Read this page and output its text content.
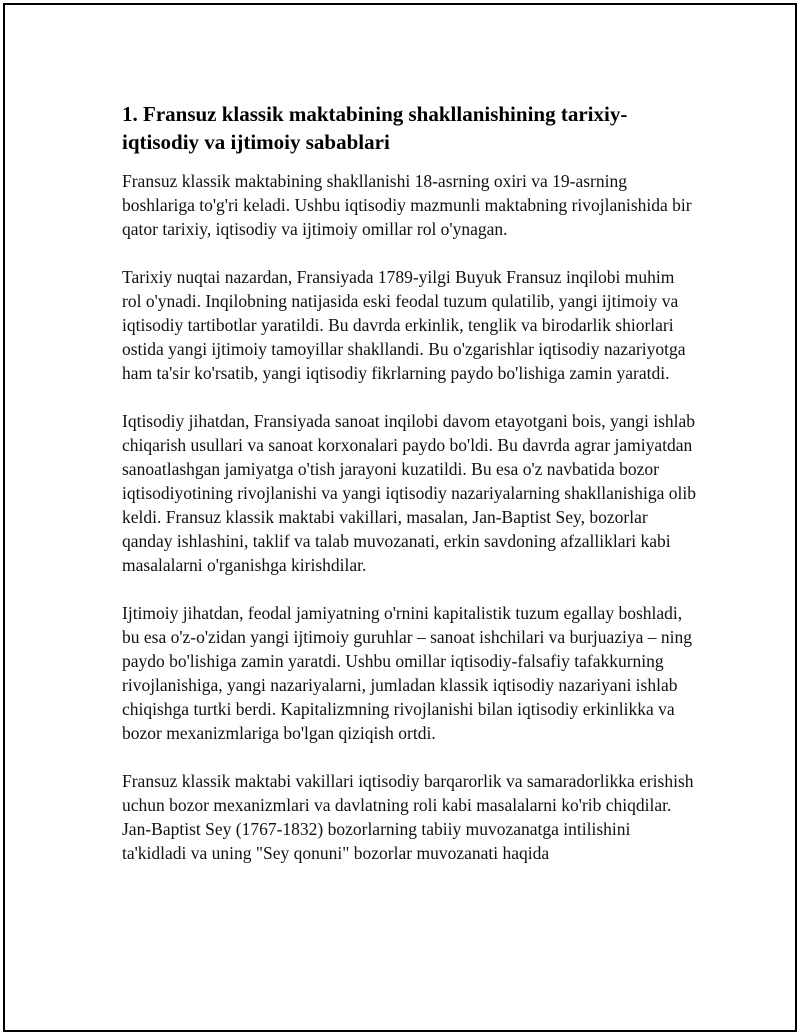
1. Fransuz klassik maktabining shakllanishining tarixiy-iqtisodiy va ijtimoiy sabablari

Fransuz klassik maktabining shakllanishi 18-asrning oxiri va 19-asrning boshlariga to'g'ri keladi. Ushbu iqtisodiy mazmunli maktabning rivojlanishida bir qator tarixiy, iqtisodiy va ijtimoiy omillar rol o'ynagan.

Tarixiy nuqtai nazardan, Fransiyada 1789-yilgi Buyuk Fransuz inqilobi muhim rol o'ynadi. Inqilobning natijasida eski feodal tuzum qulatilib, yangi ijtimoiy va iqtisodiy tartibotlar yaratildi. Bu davrda erkinlik, tenglik va birodarlik shiorlari ostida yangi ijtimoiy tamoyillar shakllandi. Bu o'zgarishlar iqtisodiy nazariyotga ham ta'sir ko'rsatib, yangi iqtisodiy fikrlarning paydo bo'lishiga zamin yaratdi.

Iqtisodiy jihatdan, Fransiyada sanoat inqilobi davom etayotgani bois, yangi ishlab chiqarish usullari va sanoat korxonalari paydo bo'ldi. Bu davrda agrar jamiyatdan sanoatlashgan jamiyatga o'tish jarayoni kuzatildi. Bu esa o'z navbatida bozor iqtisodiyotining rivojlanishi va yangi iqtisodiy nazariyalarning shakllanishiga olib keldi. Fransuz klassik maktabi vakillari, masalan, Jan-Baptist Sey, bozorlar qanday ishlashini, taklif va talab muvozanati, erkin savdoning afzalliklari kabi masalalarni o'rganishga kirishdilar.

Ijtimoiy jihatdan, feodal jamiyatning o'rnini kapitalistik tuzum egallay boshladi, bu esa o'z-o'zidan yangi ijtimoiy guruhlar – sanoat ishchilari va burjuaziya – ning paydo bo'lishiga zamin yaratdi. Ushbu omillar iqtisodiy-falsafiy tafakkurning rivojlanishiga, yangi nazariyalarni, jumladan klassik iqtisodiy nazariyani ishlab chiqishga turtki berdi. Kapitalizmning rivojlanishi bilan iqtisodiy erkinlikka va bozor mexanizmlariga bo'lgan qiziqish ortdi.

Fransuz klassik maktabi vakillari iqtisodiy barqarorlik va samaradorlikka erishish uchun bozor mexanizmlari va davlatning roli kabi masalalarni ko'rib chiqdilar. Jan-Baptist Sey (1767-1832) bozorlarning tabiiy muvozanatga intilishini ta'kidladi va uning "Sey qonuni" bozorlar muvozanati haqida
